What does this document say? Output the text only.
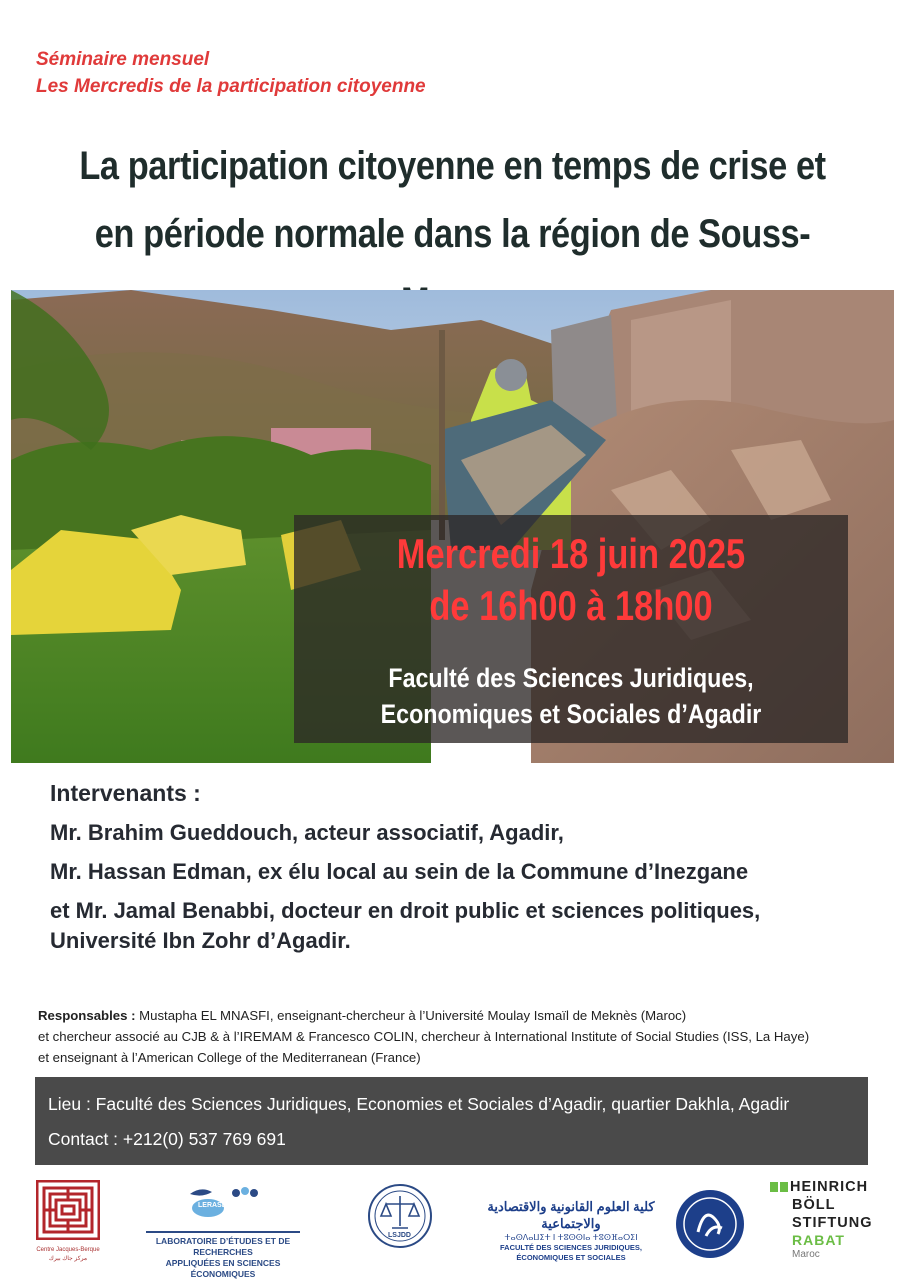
Séminaire mensuel
Les Mercredis de la participation citoyenne
La participation citoyenne en temps de crise et
en période normale dans la région de Souss-
Mercredi 18 juin 2025
de 16h00 à 18h00
Faculté des Sciences Juridiques,
Economiques et Sociales d’Agadir
Intervenants :
Mr. Brahim Gueddouch, acteur associatif, Agadir,
Mr. Hassan Edman, ex élu local au sein de la Commune d’Inezgane
et Mr. Jamal Benabbi, docteur en droit public et sciences politiques,
Université Ibn Zohr d’Agadir.
Responsables : Mustapha EL MNASFI, enseignant-chercheur à l’Université Moulay Ismaïl de Meknès (Maroc)
et chercheur associé au CJB & à l’IREMAM & Francesco COLIN, chercheur à International Institute of Social Studies (ISS, La Haye)
et enseignant à l’American College of the Mediterranean (France)
Lieu : Faculté des Sciences Juridiques, Economies et Sociales d’Agadir, quartier Dakhla, Agadir
Contact : +212(0) 537 769 691
Centre Jacques-Berque
مركز جاك بيرك
LERASE
LABORATOIRE D’ÉTUDES ET DE RECHERCHES
APPLIQUÉES EN SCIENCES ÉCONOMIQUES
LSJDD
كلية العلوم القانونية والاقتصادية والاجتماعية
ⵜⴰⵙⴷⴰⵡⵉⵜ ⵏ ⵜⵓⵙⵙⵏⴰ ⵜⵓⵙⴼⴰⵔⵉⵏ
FACULTÉ DES SCIENCES JURIDIQUES, ÉCONOMIQUES ET SOCIALES
HEINRICH
BÖLL
STIFTUNG
RABAT
Maroc
